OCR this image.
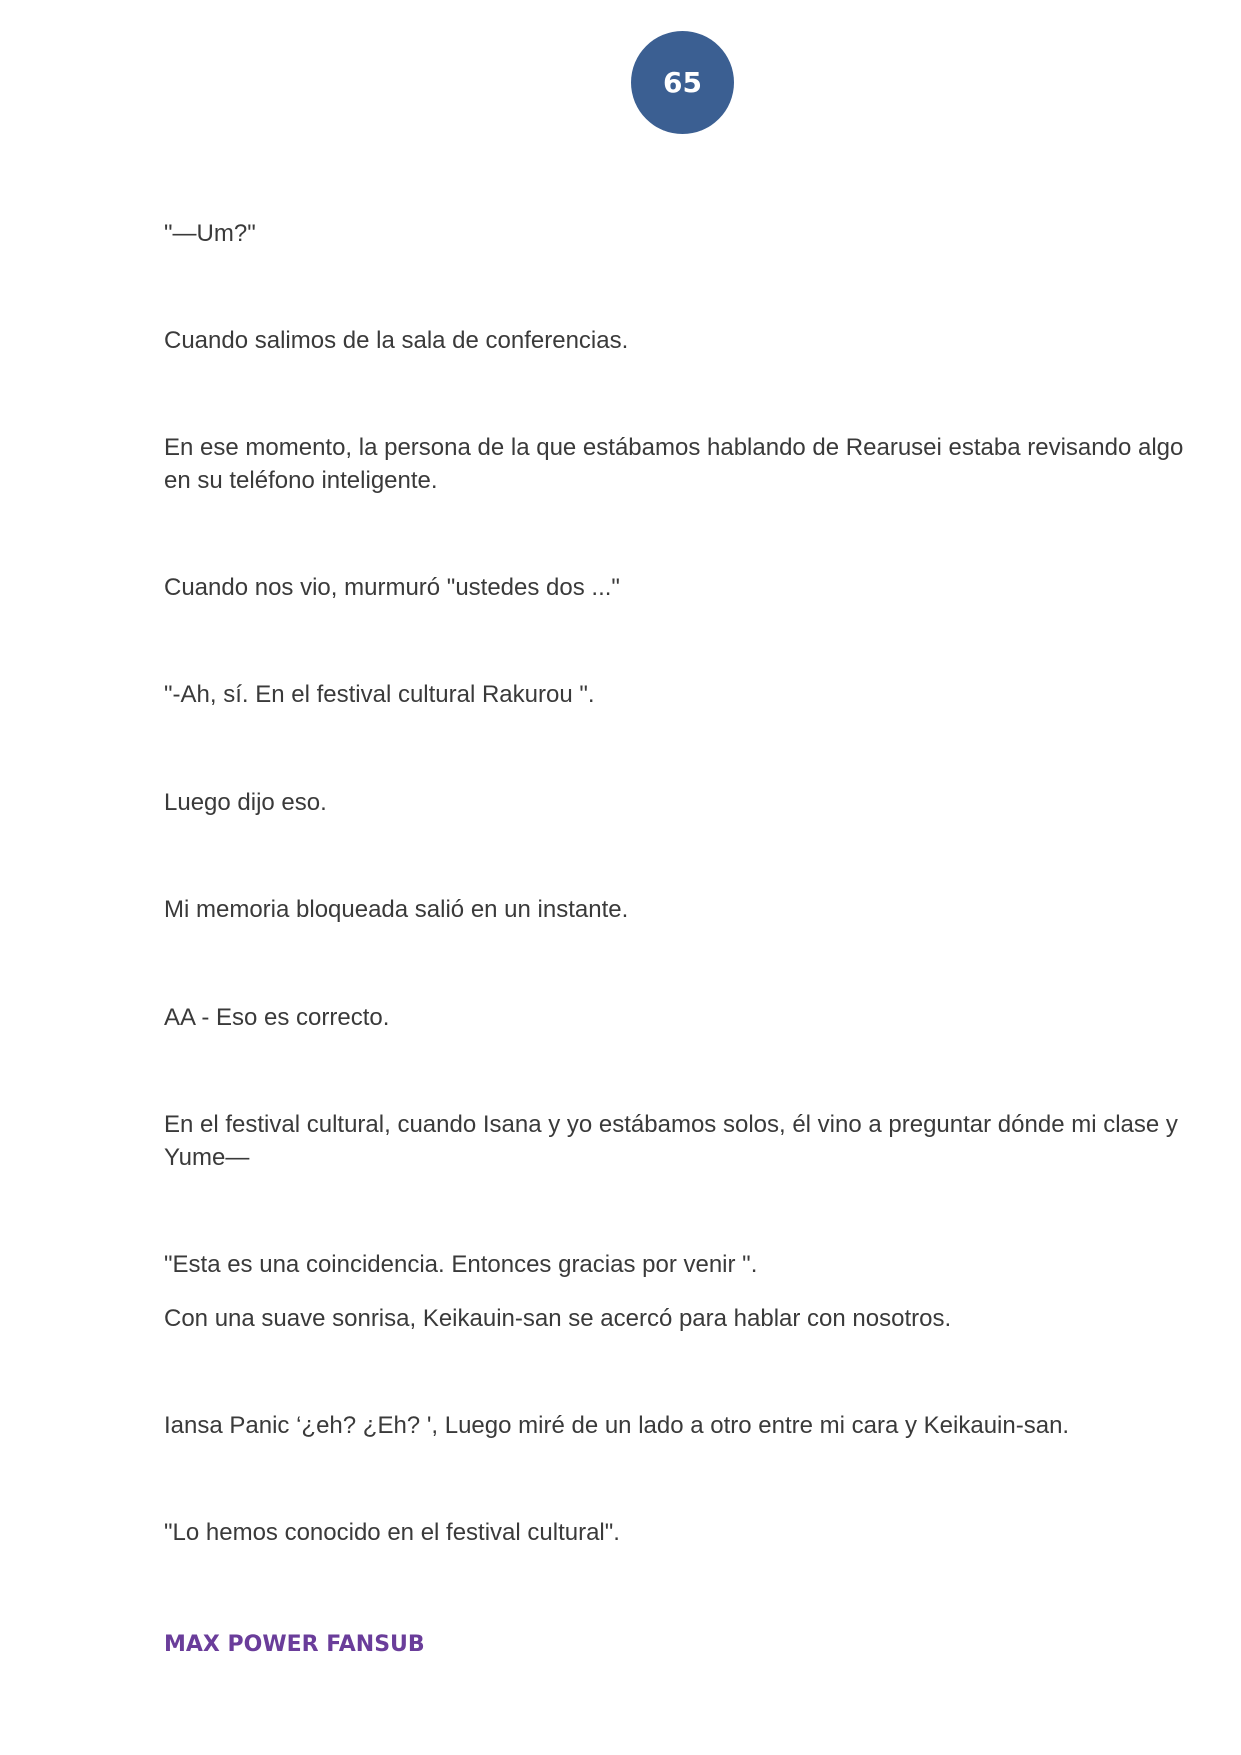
65

"—Um?"

Cuando salimos de la sala de conferencias.

En ese momento, la persona de la que estábamos hablando de Rearusei estaba revisando algo en su teléfono inteligente.

Cuando nos vio, murmuró "ustedes dos ..."

"-Ah, sí. En el festival cultural Rakurou ".

Luego dijo eso.

Mi memoria bloqueada salió en un instante.

AA - Eso es correcto.

En el festival cultural, cuando Isana y yo estábamos solos, él vino a preguntar dónde mi clase y Yume—

"Esta es una coincidencia. Entonces gracias por venir ".

Con una suave sonrisa, Keikauin-san se acercó para hablar con nosotros.

Iansa Panic ‘¿eh? ¿Eh? ', Luego miré de un lado a otro entre mi cara y Keikauin-san.

"Lo hemos conocido en el festival cultural".

MAX POWER FANSUB
